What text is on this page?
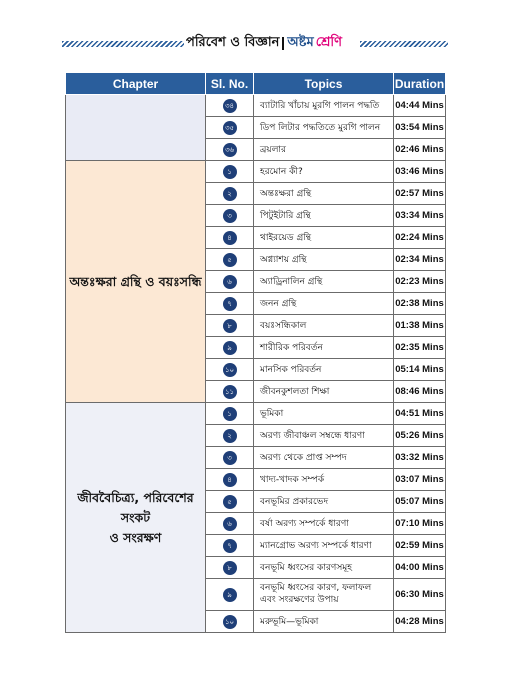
পরিবেশ ও বিজ্ঞান অষ্টম শ্রেণি
Chapter	Sl. No.	Topics	Duration
	৩৪	ব্যাটারি খাঁচায় মুরগি পালন পদ্ধতি	04:44 Mins
	৩৫	ডিপ লিটার পদ্ধতিতে মুরগি পালন	03:54 Mins
	৩৬	ব্রয়লার	02:46 Mins
অন্তঃক্ষরা গ্রন্থি ও বয়ঃসন্ধি	১	হরমোন কী?	03:46 Mins
	২	অন্তঃক্ষরা গ্রন্থি	02:57 Mins
	৩	পিটুইটারি গ্রন্থি	03:34 Mins
	৪	থাইরয়েড গ্রন্থি	02:24 Mins
	৫	অগ্ন্যাশয় গ্রন্থি	02:34 Mins
	৬	অ্যাড্রিনালিন গ্রন্থি	02:23 Mins
	৭	জনন গ্রন্থি	02:38 Mins
	৮	বয়ঃসন্ধিকাল	01:38 Mins
	৯	শারীরিক পরিবর্তন	02:35 Mins
	১০	মানসিক পরিবর্তন	05:14 Mins
	১১	জীবনকুশলতা শিক্ষা	08:46 Mins
জীববৈচিত্র্য, পরিবেশের
সংকট
ও সংরক্ষণ	১	ভূমিকা	04:51 Mins
	২	অরণ্য জীবাঞ্চল সম্বন্ধে ধারণা	05:26 Mins
	৩	অরণ্য থেকে প্রাপ্ত সম্পদ	03:32 Mins
	৪	খাদ্য-খাদক সম্পর্ক	03:07 Mins
	৫	বনভূমির প্রকারভেদ	05:07 Mins
	৬	বর্ষা অরণ্য সম্পর্কে ধারণা	07:10 Mins
	৭	ম্যানগ্রোভ অরণ্য সম্পর্কে ধারণা	02:59 Mins
	৮	বনভূমি ধ্বংসের কারণসমূহ	04:00 Mins
	৯	বনভূমি ধ্বংসের কারণ, ফলাফল
এবং সংরক্ষণের উপায়	06:30 Mins
	১০	মরুভূমি—ভূমিকা	04:28 Mins
